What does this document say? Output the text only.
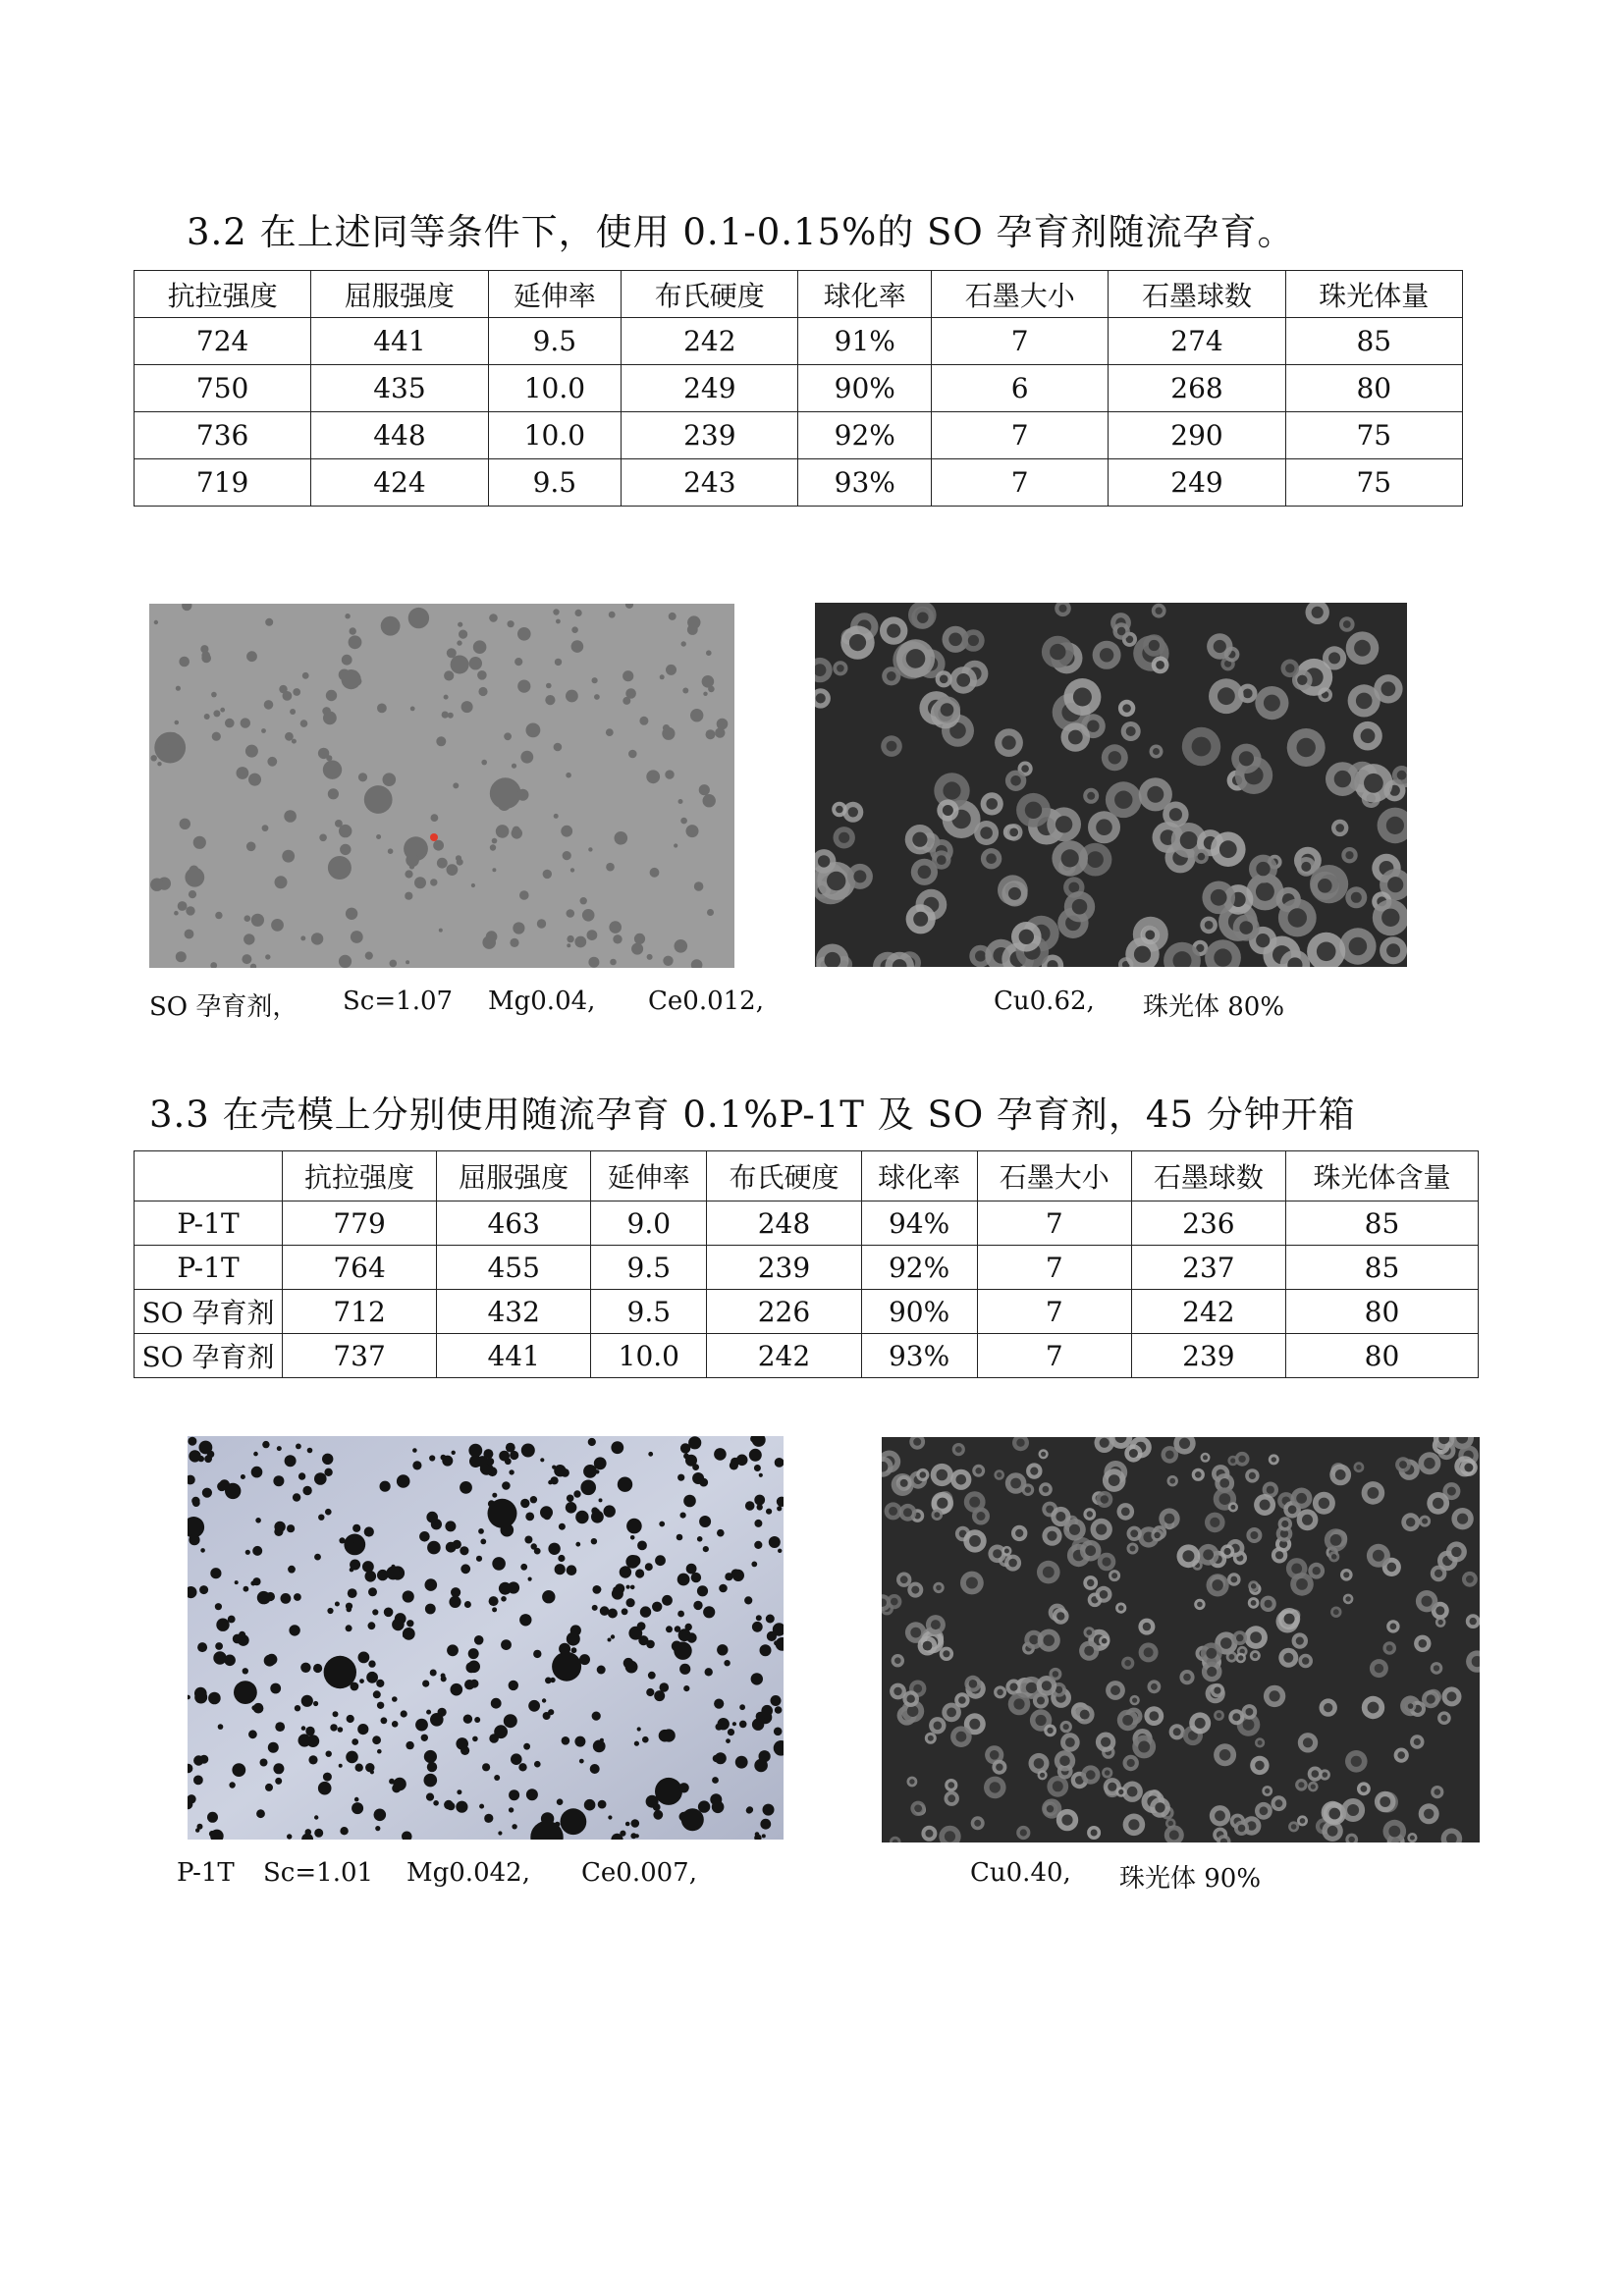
3.2 在上述同等条件下，使用 0.1-0.15%的 SO 孕育剂随流孕育。
抗拉强度	屈服强度	延伸率	布氏硬度	球化率	石墨大小	石墨球数	珠光体量
724	441	9.5	242	91%	7	274	85
750	435	10.0	249	90%	6	268	80
736	448	10.0	239	92%	7	290	75
719	424	9.5	243	93%	7	249	75
SO 孕育剂， Sc=1.07 Mg0.04, Ce0.012,	Cu0.62, 珠光体 80%
3.3 在壳模上分别使用随流孕育 0.1%P-1T 及 SO 孕育剂，45 分钟开箱
	抗拉强度	屈服强度	延伸率	布氏硬度	球化率	石墨大小	石墨球数	珠光体含量
P-1T	779	463	9.0	248	94%	7	236	85
P-1T	764	455	9.5	239	92%	7	237	85
SO 孕育剂	712	432	9.5	226	90%	7	242	80
SO 孕育剂	737	441	10.0	242	93%	7	239	80
P-1T Sc=1.01 Mg0.042, Ce0.007,	Cu0.40, 珠光体 90%
